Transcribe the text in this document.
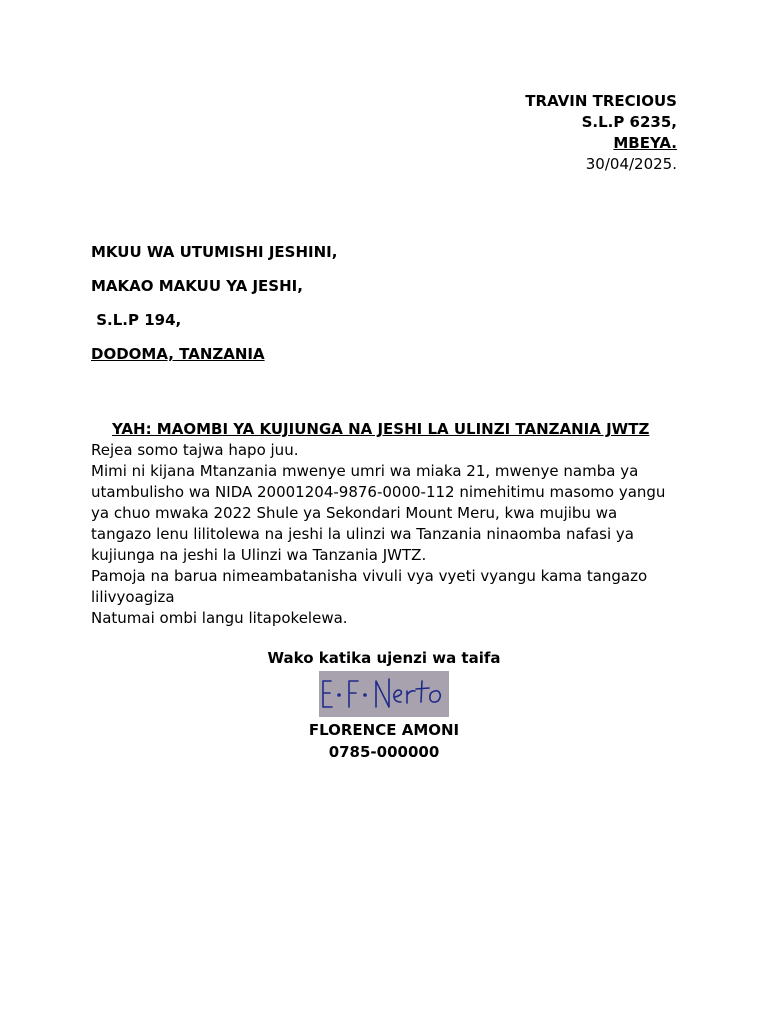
TRAVIN TRECIOUS
S.L.P 6235,
MBEYA.
30/04/2025.
MKUU WA UTUMISHI JESHINI,
MAKAO MAKUU YA JESHI,
S.L.P 194,
DODOMA, TANZANIA
YAH: MAOMBI YA KUJIUNGA NA JESHI LA ULINZI TANZANIA JWTZ

Rejea somo tajwa hapo juu.

Mimi ni kijana Mtanzania mwenye umri wa miaka 21, mwenye namba ya utambulisho wa NIDA 20001204-9876-0000-112 nimehitimu masomo yangu ya chuo mwaka 2022 Shule ya Sekondari Mount Meru, kwa mujibu wa tangazo lenu lilitolewa na jeshi la ulinzi wa Tanzania ninaomba nafasi ya kujiunga na jeshi la Ulinzi wa Tanzania JWTZ.

Pamoja na barua nimeambatanisha vivuli vya vyeti vyangu kama tangazo lilivyoagiza

Natumai ombi langu litapokelewa.

Wako katika ujenzi wa taifa
FLORENCE AMONI
0785-000000
